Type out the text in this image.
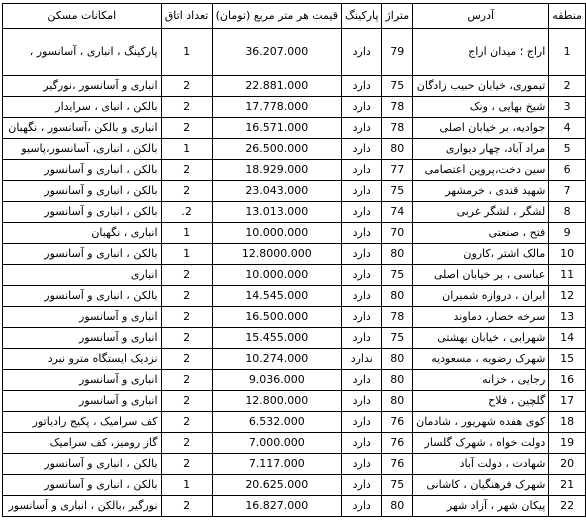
منطقه	آدرس	متراژ	پارکینگ	قیمت هر متر مربع (تومان)	تعداد اتاق	امکانات مسکن
1	اراج ؛ میدان اراج	79	دارد	36.207.000	1	پارکینگ ، انباری ، آسانسور ،
2	تیموری، خیابان حبیب زادگان	75	دارد	22.881.000	2	انباری و آسانسور ،نورگیر
3	شیخ بهایی ، ونک	78	دارد	17.778.000	2	بالکن ، انبای ، سرایدار
4	جوادیه، بر خیابان اصلی	78	دارد	16.571.000	2	انباری و بالکن ،آسانسور ، نگهبان
5	مراد آباد، چهار دیواری	80	دارد	26.500.000	1	بالکن ، انباری، آسانسور،پاسیو
6	سین دخت،پروین اعتصامی	77	دارد	18.929.000	2	بالکن ، انباری و آسانسور
7	شهید قندی ، خرمشهر	75	دارد	23.043.000	2	بالکن ، انباری و آسانسور
8	لشگر ، لشگر غربی	74	دارد	13.013.000	2.	بالکن ، انباری و آسانسور
9	فتح ، صنعتی	70	دارد	10.000.000	1	انباری ، نگهبان
10	مالک اشتر ،کارون	80	دارد	12.8000.000	1	بالکن ، انباری و آسانسور
11	عباسی ، بر خیابان اصلی	75	دارد	10.000.000	2	انباری
12	ایران ، دروازه شمیران	80	دارد	14.545.000	2	بالکن ، انباری و آسانسور
13	سرخه حصار، دماوند	78	دارد	16.500.000	2	انباری و آسانسور
14	شهرابی ، خیابان بهشتی	75	دارد	15.455.000	2	انباری و آسانسور
15	شهرک رضویه ، مسعودیه	80	ندارد	10.274.000	2	نزدیک ایستگاه مترو نبرد
16	رجایی ، خزانه	80	دارد	9.036.000	2	انباری و آسانسور
17	گلچین ، فلاح	80	دارد	12.800.000	2	انباری و آسانسور
18	کوی هفده شهریور ، شادمان	76	دارد	6.532.000	2	کف سرامیک ، پکیج رادیاتور
19	دولت خواه ، شهرک گلسار	76	دارد	7.000.000	2	گاز رومیز، کف سرامیک
20	شهادت ، دولت آباد	76	دارد	7.117.000	2	بالکن ، انباری و آسانسور
21	شهرک فرهنگیان ، کاشانی	75	دارد	20.625.000	1	بالکن ، انباری و آسانسور
22	پیکان شهر ، آزاد شهر	80	دارد	16.827.000	2	نورگیر ،بالکن ، انباری و آسانسور
